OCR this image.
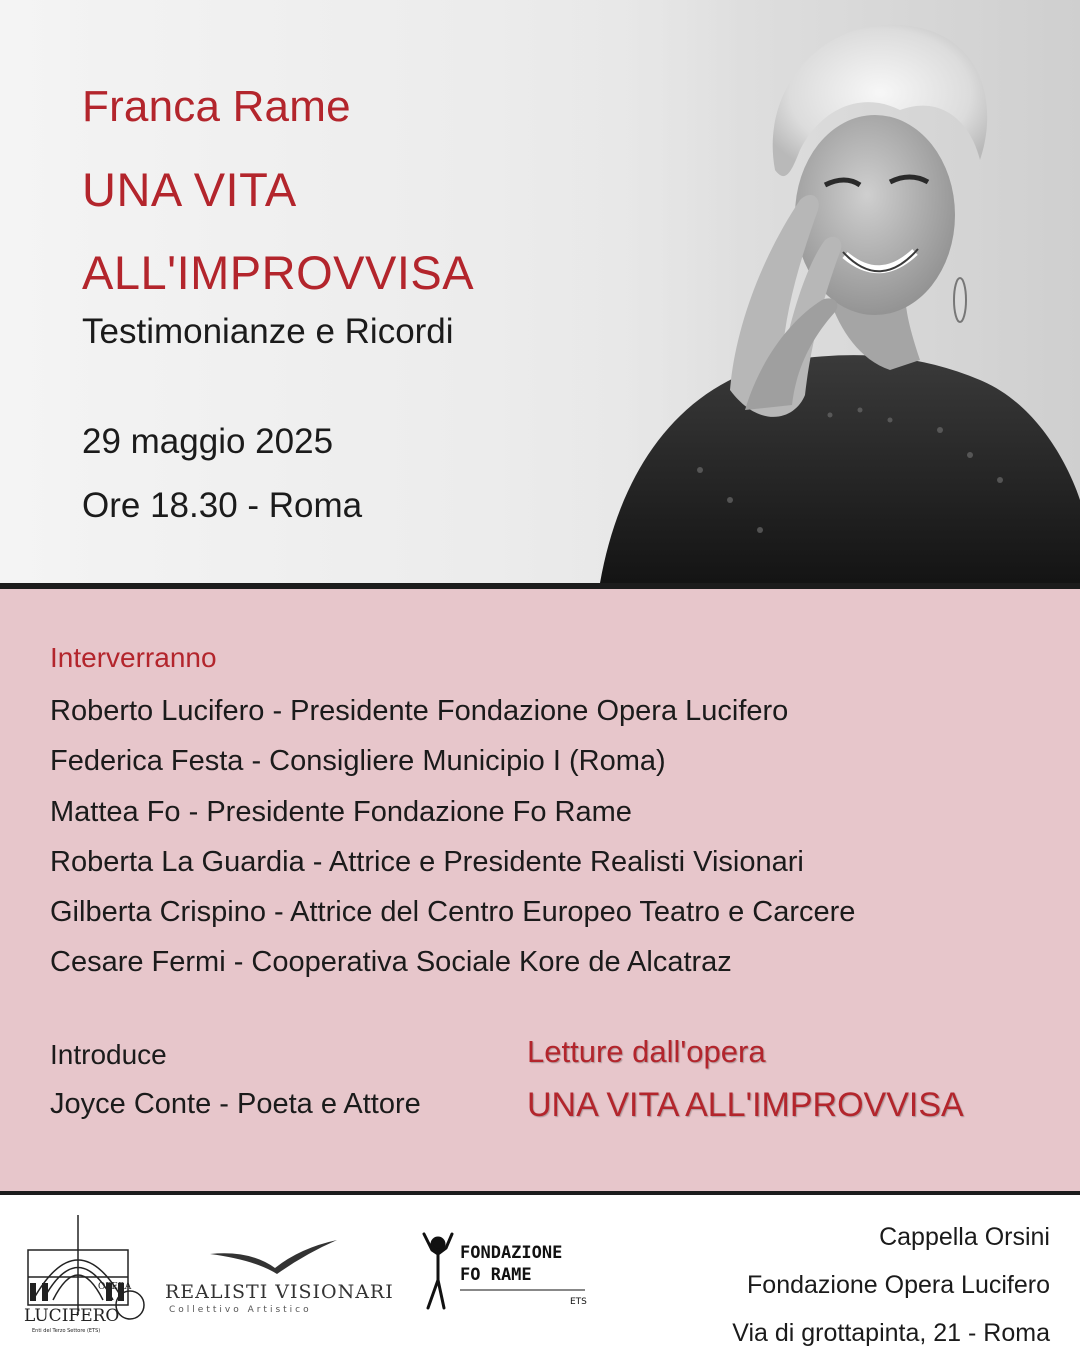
Franca Rame
UNA VITA
ALL'IMPROVVISA
Testimonianze e Ricordi
29 maggio 2025
Ore 18.30 - Roma
Interverranno
Roberto Lucifero - Presidente Fondazione Opera Lucifero
Federica Festa - Consigliere Municipio I (Roma)
Mattea Fo - Presidente Fondazione Fo Rame
Roberta La Guardia - Attrice e Presidente Realisti Visionari
Gilberta Crispino - Attrice del Centro Europeo Teatro e Carcere
Cesare Fermi - Cooperativa Sociale Kore de Alcatraz
Introduce
Joyce Conte - Poeta e Attore
Letture dall'opera
UNA VITA ALL'IMPROVVISA
OPERA
LUCIFERO
Enti del Terzo Settore (ETS)
REALISTI VISIONARI
Collettivo Artistico
FONDAZIONE
FO RAME
ETS
Cappella Orsini
Fondazione Opera Lucifero
Via di grottapinta, 21 - Roma
